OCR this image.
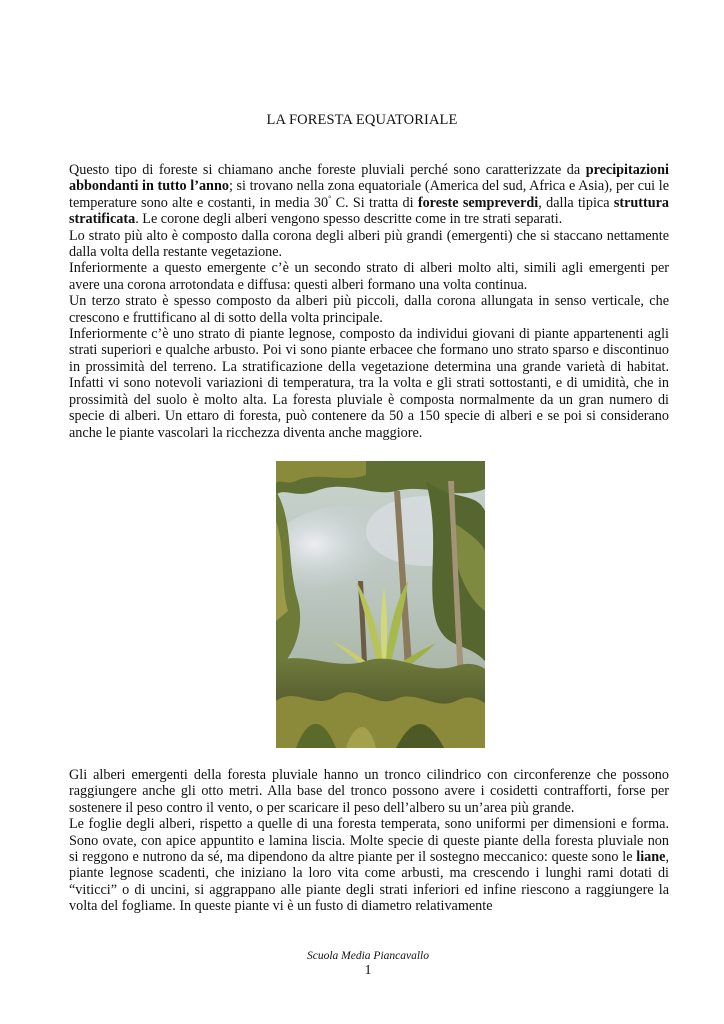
LA FORESTA EQUATORIALE

Questo tipo di foreste si chiamano anche foreste pluviali perché sono caratterizzate da precipitazioni abbondanti in tutto l’anno; si trovano nella zona equatoriale (America del sud, Africa e Asia), per cui le temperature sono alte e costanti, in media 30° C. Si tratta di foreste sempreverdi, dalla tipica struttura stratificata. Le corone degli alberi vengono spesso descritte come in tre strati separati.

Lo strato più alto è composto dalla corona degli alberi più grandi (emergenti) che si staccano nettamente dalla volta della restante vegetazione.

Inferiormente a questo emergente c’è un secondo strato di alberi molto alti, simili agli emergenti per avere una corona arrotondata e diffusa: questi alberi formano una volta continua.

Un terzo strato è spesso composto da alberi più piccoli, dalla corona allungata in senso verticale, che crescono e fruttificano al di sotto della volta principale.

Inferiormente c’è uno strato di piante legnose, composto da individui giovani di piante appartenenti agli strati superiori e qualche arbusto. Poi vi sono piante erbacee che formano uno strato sparso e discontinuo in prossimità del terreno. La stratificazione della vegetazione determina una grande varietà di habitat. Infatti vi sono notevoli variazioni di temperatura, tra la volta e gli strati sottostanti, e di umidità, che in prossimità del suolo è molto alta. La foresta pluviale è composta normalmente da un gran numero di specie di alberi. Un ettaro di foresta, può contenere da 50 a 150 specie di alberi e se poi si considerano anche le piante vascolari la ricchezza diventa anche maggiore.

Gli alberi emergenti della foresta pluviale hanno un tronco cilindrico con circonferenze che possono raggiungere anche gli otto metri. Alla base del tronco possono avere i cosidetti contrafforti, forse per sostenere il peso contro il vento, o per scaricare il peso dell’albero su un’area più grande.

Le foglie degli alberi, rispetto a quelle di una foresta temperata, sono uniformi per dimensioni e forma. Sono ovate, con apice appuntito e lamina liscia. Molte specie di queste piante della foresta pluviale non si reggono e nutrono da sé, ma dipendono da altre piante per il sostegno meccanico: queste sono le liane, piante legnose scadenti, che iniziano la loro vita come arbusti, ma crescendo i lunghi rami dotati di “viticci” o di uncini, si aggrappano alle piante degli strati inferiori ed infine riescono a raggiungere la volta del fogliame. In queste piante vi è un fusto di diametro relativamente

Scuola Media Piancavallo
1
